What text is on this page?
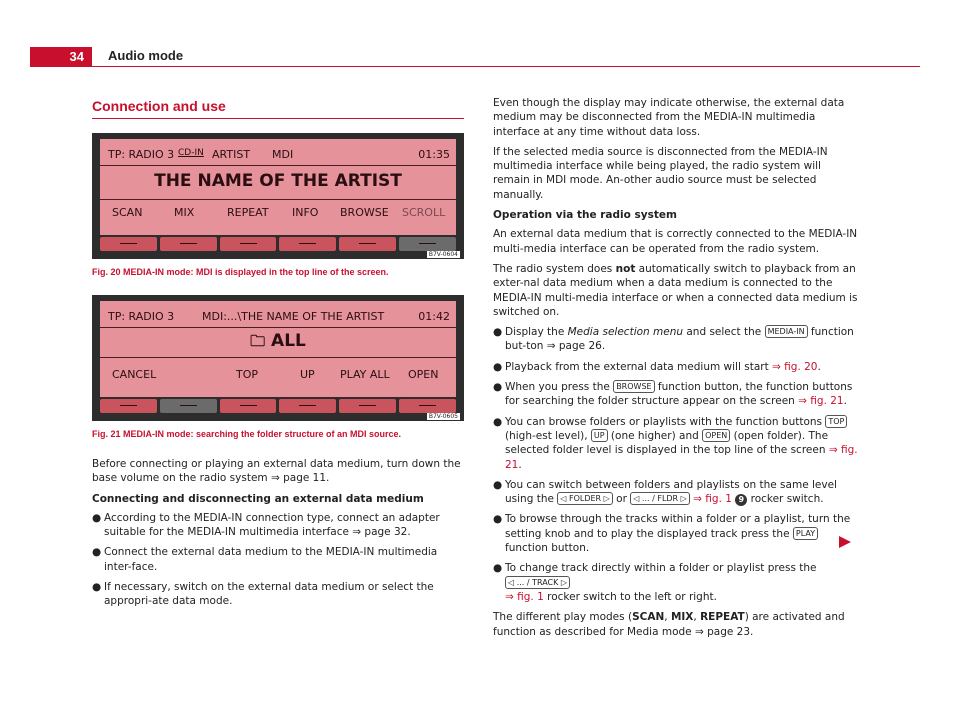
34	Audio mode
Connection and use
TP: RADIO 3 CD-IN ARTIST MDI	01:35
THE NAME OF THE ARTIST
SCAN	MIX	REPEAT INFO BROWSE SCROLL
B7V-0604
Fig. 20 MEDIA-IN mode: MDI is displayed in the top line of the screen.
TP: RADIO 3	MDI:...\THE NAME OF THE ARTIST	01:42
🗀 ALL
CANCEL	TOP	UP PLAY ALL OPEN
B7V-0605
Fig. 21 MEDIA-IN mode: searching the folder structure of an MDI source.

Before connecting or playing an external data medium, turn down the base volume on the radio system ⇒ page 11.

Connecting and disconnecting an external data medium

● According to the MEDIA-IN connection type, connect an adapter suitable for the MEDIA-IN multimedia interface ⇒ page 32.

● Connect the external data medium to the MEDIA-IN multimedia inter-face.

● If necessary, switch on the external data medium or select the appropri-ate data mode.

Even though the display may indicate otherwise, the external data medium may be disconnected from the MEDIA-IN multimedia interface at any time without data loss.

If the selected media source is disconnected from the MEDIA-IN multimedia interface while being played, the radio system will remain in MDI mode. An-other audio source must be selected manually.

Operation via the radio system

An external data medium that is correctly connected to the MEDIA-IN multi-media interface can be operated from the radio system.

The radio system does not automatically switch to playback from an exter-nal data medium when a data medium is connected to the MEDIA-IN multi-media interface or when a connected data medium is switched on.

● Display the Media selection menu and select the MEDIA-IN function but-ton ⇒ page 26.

● Playback from the external data medium will start ⇒ fig. 20.

● When you press the BROWSE function button, the function buttons for searching the folder structure appear on the screen ⇒ fig. 21.

● You can browse folders or playlists with the function buttons TOP (high-est level), UP (one higher) and OPEN (open folder). The selected folder level is displayed in the top line of the screen ⇒ fig. 21.

● You can switch between folders and playlists on the same level using the ◁ FOLDER ▷ or ◁ ... / FLDR ▷ ⇒ fig. 1 9 rocker switch.

● To browse through the tracks within a folder or a playlist, turn the setting knob and to play the displayed track press the PLAY function button.

● To change track directly within a folder or playlist press the ◁ ... / TRACK ▷
⇒ fig. 1 rocker switch to the left or right.

The different play modes (SCAN, MIX, REPEAT) are activated and function as described for Media mode ⇒ page 23.
